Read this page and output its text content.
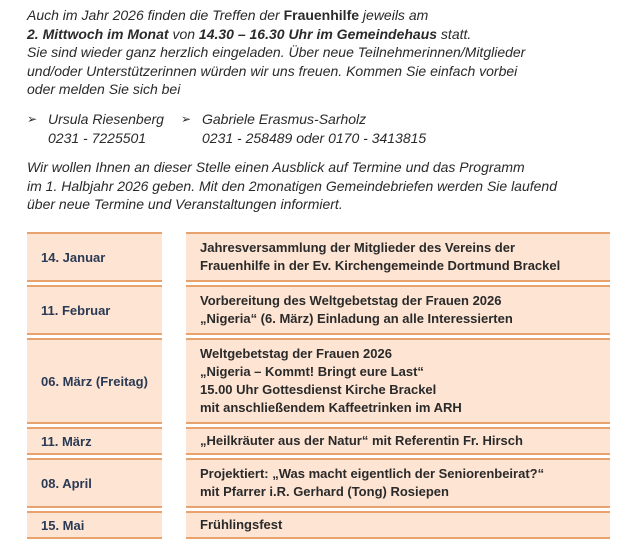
Auch im Jahr 2026 finden die Treffen der Frauenhilfe jeweils am

2. Mittwoch im Monat von 14.30 – 16.30 Uhr im Gemeindehaus statt.

Sie sind wieder ganz herzlich eingeladen. Über neue Teilnehmerinnen/Mitglieder

und/oder Unterstützerinnen würden wir uns freuen. Kommen Sie einfach vorbei

oder melden Sie sich bei

➢ Ursula Riesenberg
0231 - 7225501
➢ Gabriele Erasmus-Sarholz
0231 - 258489 oder 0170 - 3413815

Wir wollen Ihnen an dieser Stelle einen Ausblick auf Termine und das Programm

im 1. Halbjahr 2026 geben. Mit den 2monatigen Gemeindebriefen werden Sie laufend

über neue Termine und Veranstaltungen informiert.

14. Januar
Jahresversammlung der Mitglieder des Vereins der
Frauenhilfe in der Ev. Kirchengemeinde Dortmund Brackel
11. Februar
Vorbereitung des Weltgebetstag der Frauen 2026
„Nigeria“ (6. März) Einladung an alle Interessierten
06. März (Freitag)
Weltgebetstag der Frauen 2026
„Nigeria – Kommt! Bringt eure Last“
15.00 Uhr Gottesdienst Kirche Brackel
mit anschließendem Kaffeetrinken im ARH
11. März	„Heilkräuter aus der Natur“ mit Referentin Fr. Hirsch
08. April
Projektiert: „Was macht eigentlich der Seniorenbeirat?“
mit Pfarrer i.R. Gerhard (Tong) Rosiepen
15. Mai	Frühlingsfest
